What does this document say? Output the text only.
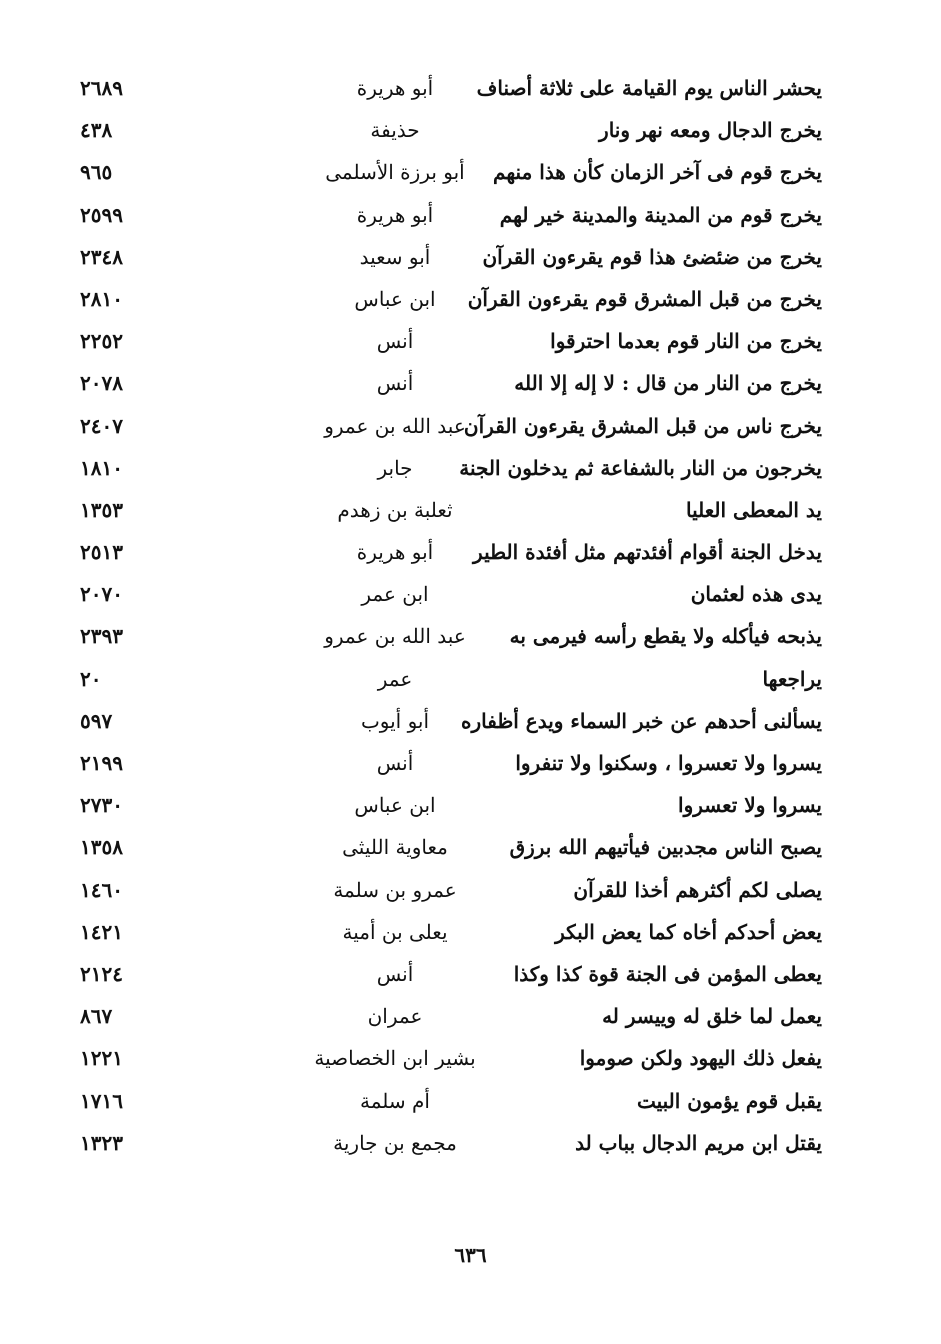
يحشر الناس يوم القيامة على ثلاثة أصناف
أبو هريرة
٢٦٨٩
يخرج الدجال ومعه نهر ونار
حذيفة
٤٣٨
يخرج قوم فى آخر الزمان كأن هذا منهم
أبو برزة الأسلمى
٩٦٥
يخرج قوم من المدينة والمدينة خير لهم
أبو هريرة
٢٥٩٩
يخرج من ضئضئ هذا قوم يقرءون القرآن
أبو سعيد
٢٣٤٨
يخرج من قبل المشرق قوم يقرءون القرآن
ابن عباس
٢٨١٠
يخرج من النار قوم بعدما احترقوا
أنس
٢٢٥٢
يخرج من النار من قال : لا إله إلا الله
أنس
٢٠٧٨
يخرج ناس من قبل المشرق يقرءون القرآن
عبد الله بن عمرو
٢٤٠٧
يخرجون من النار بالشفاعة ثم يدخلون الجنة
جابر
١٨١٠
يد المعطى العليا
ثعلبة بن زهدم
١٣٥٣
يدخل الجنة أقوام أفئدتهم مثل أفئدة الطير
أبو هريرة
٢٥١٣
يدى هذه لعثمان
ابن عمر
٢٠٧٠
يذبحه فيأكله ولا يقطع رأسه فيرمى به
عبد الله بن عمرو
٢٣٩٣
يراجعها
عمر
٢٠
يسألنى أحدهم عن خبر السماء ويدع أظفاره
أبو أيوب
٥٩٧
يسروا ولا تعسروا ، وسكنوا ولا تنفروا
أنس
٢١٩٩
يسروا ولا تعسروا
ابن عباس
٢٧٣٠
يصبح الناس مجدبين فيأتيهم الله برزق
معاوية الليثى
١٣٥٨
يصلى لكم أكثرهم أخذا للقرآن
عمرو بن سلمة
١٤٦٠
يعض أحدكم أخاه كما يعض البكر
يعلى بن أمية
١٤٢١
يعطى المؤمن فى الجنة قوة كذا وكذا
أنس
٢١٢٤
يعمل لما خلق له وييسر له
عمران
٨٦٧
يفعل ذلك اليهود ولكن صوموا
بشير ابن الخصاصية
١٢٢١
يقبل قوم يؤمون البيت
أم سلمة
١٧١٦
يقتل ابن مريم الدجال بباب لد
مجمع بن جارية
١٣٢٣
٦٣٦
